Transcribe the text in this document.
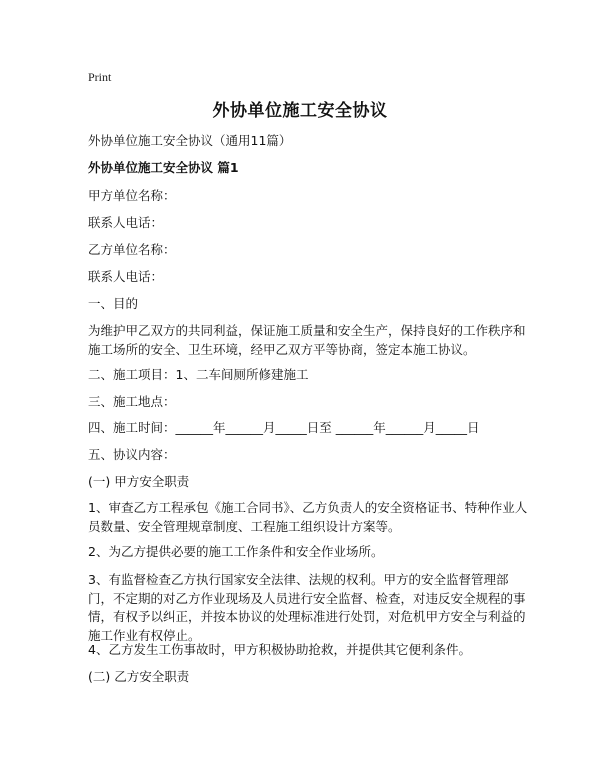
Print
外协单位施工安全协议
外协单位施工安全协议（通用11篇）
外协单位施工安全协议 篇1
甲方单位名称：
联系人电话：
乙方单位名称：
联系人电话：
一、目的
为维护甲乙双方的共同利益，保证施工质量和安全生产，保持良好的工作秩序和施工场所的安全、卫生环境，经甲乙双方平等协商，签定本施工协议。
二、施工项目：1、二车间厕所修建施工
三、施工地点：
四、施工时间：______年______月_____日至 ______年______月_____日
五、协议内容：
(一) 甲方安全职责
1、审查乙方工程承包《施工合同书》、乙方负责人的安全资格证书、特种作业人员数量、安全管理规章制度、工程施工组织设计方案等。
2、为乙方提供必要的施工工作条件和安全作业场所。
3、有监督检查乙方执行国家安全法律、法规的权利。甲方的安全监督管理部门，不定期的对乙方作业现场及人员进行安全监督、检查，对违反安全规程的事情，有权予以纠正，并按本协议的处理标准进行处罚，对危机甲方安全与利益的施工作业有权停止。
4、乙方发生工伤事故时，甲方积极协助抢救，并提供其它便利条件。
(二) 乙方安全职责
